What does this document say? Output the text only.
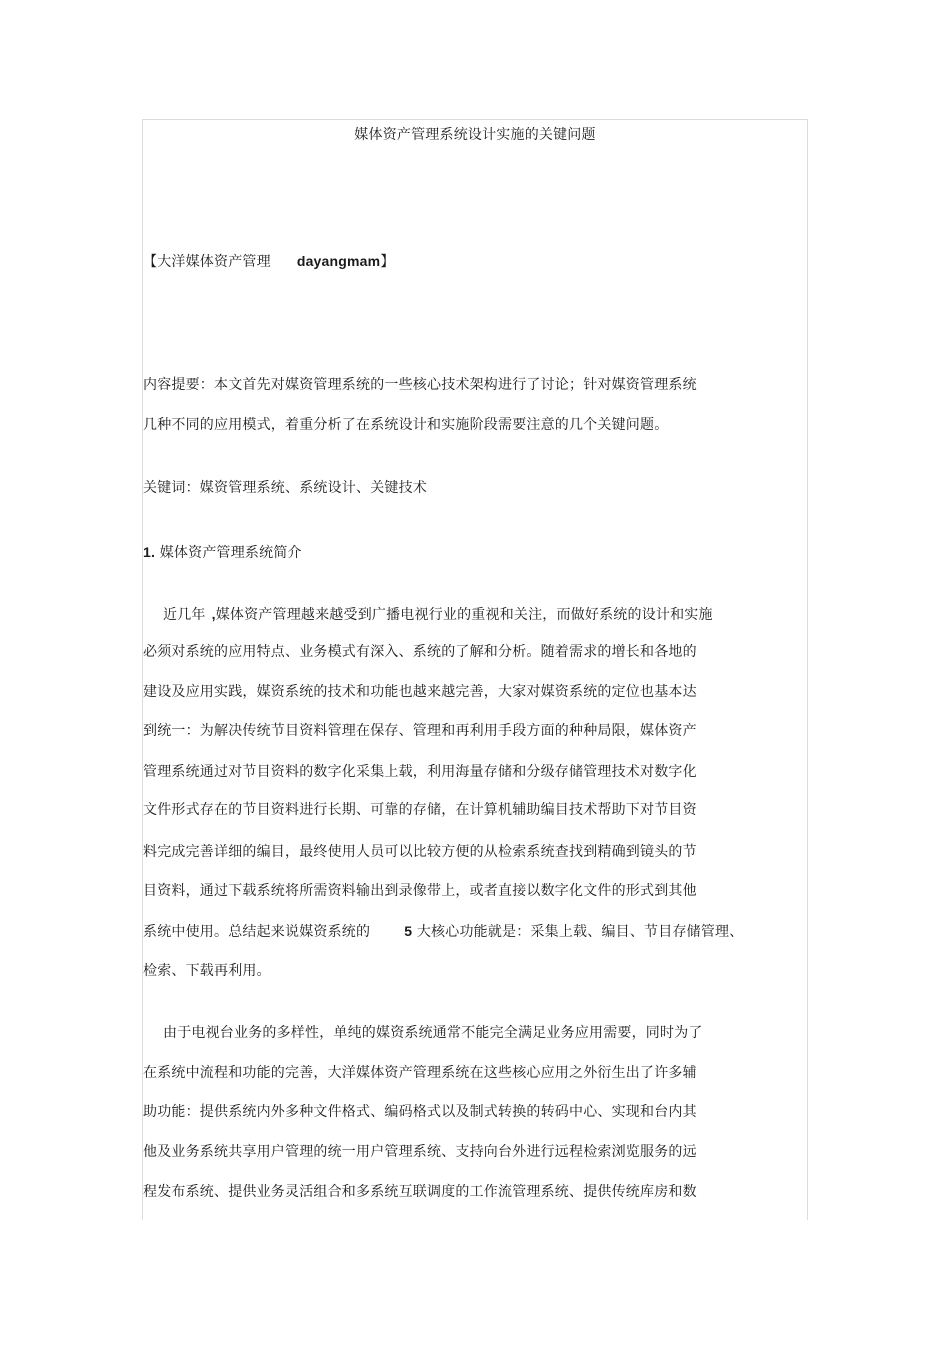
媒体资产管理系统设计实施的关键问题
【大洋媒体资产管理 dayangmam】
内容提要：本文首先对媒资管理系统的一些核心技术架构进行了讨论；针对媒资管理系统
几种不同的应用模式，着重分析了在系统设计和实施阶段需要注意的几个关键问题。
关键词：媒资管理系统、系统设计、关键技术
1. 媒体资产管理系统简介
近几年 ,媒体资产管理越来越受到广播电视行业的重视和关注，而做好系统的设计和实施
必须对系统的应用特点、业务模式有深入、系统的了解和分析。随着需求的增长和各地的
建设及应用实践，媒资系统的技术和功能也越来越完善，大家对媒资系统的定位也基本达
到统一：为解决传统节目资料管理在保存、管理和再利用手段方面的种种局限，媒体资产
管理系统通过对节目资料的数字化采集上载，利用海量存储和分级存储管理技术对数字化
文件形式存在的节目资料进行长期、可靠的存储，在计算机辅助编目技术帮助下对节目资
料完成完善详细的编目，最终使用人员可以比较方便的从检索系统查找到精确到镜头的节
目资料，通过下载系统将所需资料输出到录像带上，或者直接以数字化文件的形式到其他
系统中使用。总结起来说媒资系统的 5 大核心功能就是：采集上载、编目、节目存储管理、
检索、下载再利用。
由于电视台业务的多样性，单纯的媒资系统通常不能完全满足业务应用需要，同时为了
在系统中流程和功能的完善，大洋媒体资产管理系统在这些核心应用之外衍生出了许多辅
助功能：提供系统内外多种文件格式、编码格式以及制式转换的转码中心、实现和台内其
他及业务系统共享用户管理的统一用户管理系统、支持向台外进行远程检索浏览服务的远
程发布系统、提供业务灵活组合和多系统互联调度的工作流管理系统、提供传统库房和数
